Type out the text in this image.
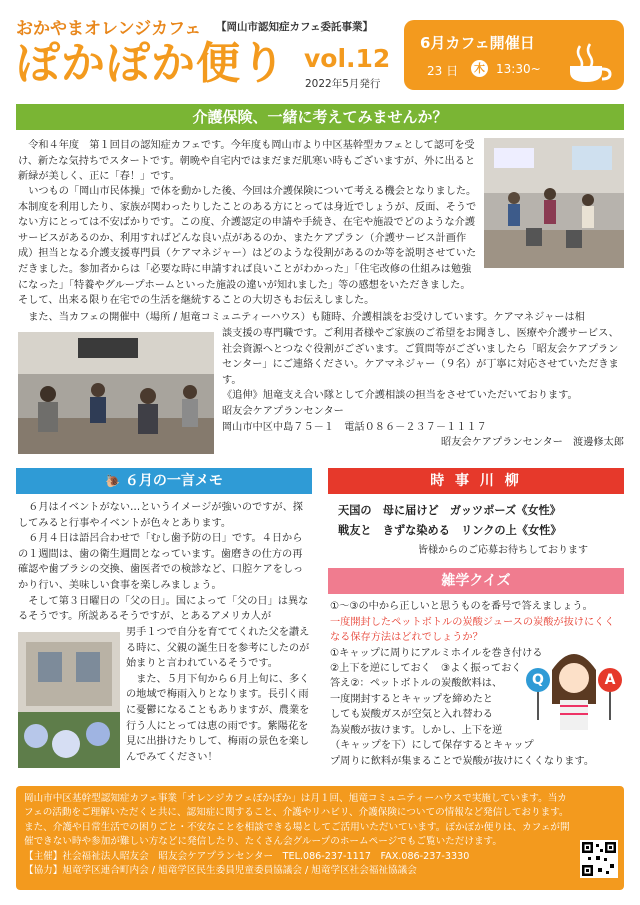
おかやまオレンジカフェ 【岡山市認知症カフェ委託事業】
ぽかぽか便り vol.12
2022年5月発行
6月カフェ開催日
23 日 木 13:30~
介護保険、一緒に考えてみませんか？

令和４年度　第１回目の認知症カフェです。今年度も岡山市より中区基幹型カフェとして認可を受け、新たな気持ちでスタートです。朝晩や自宅内ではまだまだ肌寒い時もございますが、外に出ると新緑が美しく、正に「春！」です。

いつもの「岡山市民体操」で体を動かした後、今回は介護保険について考える機会となりました。本制度を利用したり、家族が関わったりしたことのある方にとっては身近でしょうが、反面、そうでない方にとっては不安ばかりです。この度、介護認定の申請や手続き、在宅や施設でどのような介護サービスがあるのか、利用すればどんな良い点があるのか、またケアプラン（介護サービス計画作成）担当となる介護支援専門員（ケアマネジャー）はどのような役割があるのか等を説明させていただきました。参加者からは「必要な時に申請すれば良いことがわかった」「住宅改修の仕組みは勉強になった」「特養やグループホームといった施設の違いが知れました」等の感想をいただきました。そして、出来る限り在宅での生活を継続することの大切さもお伝えしました。

また、当カフェの開催中（場所 / 旭竜コミュニティーハウス）も随時、介護相談をお受けしています。ケアマネジャーは相

談支援の専門職です。ご利用者様やご家族のご希望をお聞きし、医療や介護サービス、社会資源へとつなぐ役割がございます。ご質問等がございましたら「昭友会ケアプランセンター」にご連絡ください。ケアマネジャー（９名）が丁寧に対応させていただきます。

《追伸》旭竜支え合い隊として介護相談の担当をさせていただいております。

昭友会ケアプランセンター

岡山市中区中島７５－１　電話０８６－２３７－１１１７

昭友会ケアプランセンター　渡邊修太郎

🐌 ６月の一言メモ

６月はイベントがない…というイメージが強いのですが、探してみると行事やイベントが色々とあります。

６月４日は語呂合わせで「むし歯予防の日」です。４日からの１週間は、歯の衛生週間となっています。歯磨きの仕方の再確認や歯ブラシの交換、歯医者での検診など、口腔ケアをしっかり行い、美味しい食事を楽しみましょう。

そして第３日曜日の「父の日」。国によって「父の日」は異なるそうです。所説あるそうですが、とあるアメリカ人が

男手１つで自分を育ててくれた父を讃える時に、父親の誕生日を参考にしたのが始まりと言われているそうです。

また、５月下旬から６月上旬に、多くの地域で梅雨入りとなります。長引く雨に憂鬱になることもありますが、農業を行う人にとっては恵の雨です。紫陽花を見に出掛けたりして、梅雨の景色を楽しんでみてください！

時 事 川 柳
天国の　母に届けど　ガッツポーズ《女性》
戦友と　きずな染める　リンクの上《女性》
皆様からのご応募お待ちしております
雑学クイズ

①～③の中から正しいと思うものを番号で答えましょう。

一度開封したペットボトルの炭酸ジュースの炭酸が抜けにくくなる保存方法はどれでしょうか？

①キャップに周りにアルミホイルを巻き付ける

②上下を逆にしておく　③よく振っておく

答え②：ペットボトルの炭酸飲料は、

一度開封するとキャップを締めたと

しても炭酸ガスが空気と入れ替わる

為炭酸が抜けます。しかし、上下を逆

（キャップを下）にして保存するとキャップ

プ周りに飲料が集まることで炭酸が抜けにくくなります。

Q	A

岡山市中区基幹型認知症カフェ事業「オレンジカフェぽかぽか」は月１回、旭竜コミュニティーハウスで実施しています。当カフェの活動をご理解いただくと共に、認知症に関すること、介護やリハビリ、介護保険についての情報など発信しております。また、介護や日常生活での困りごと・不安なことを相談できる場としてご活用いただいています。ぽかぽか便りは、カフェが開催できない時や参加が難しい方などに発信したり、たくさん会グループのホームページでもご覧いただけます。

【主催】社会福祉法人昭友会　昭友会ケアプランセンター　TEL.086-237-1117　FAX.086-237-3330

【協力】旭竜学区連合町内会 / 旭竜学区民生委員児童委員協議会 / 旭竜学区社会福祉協議会
